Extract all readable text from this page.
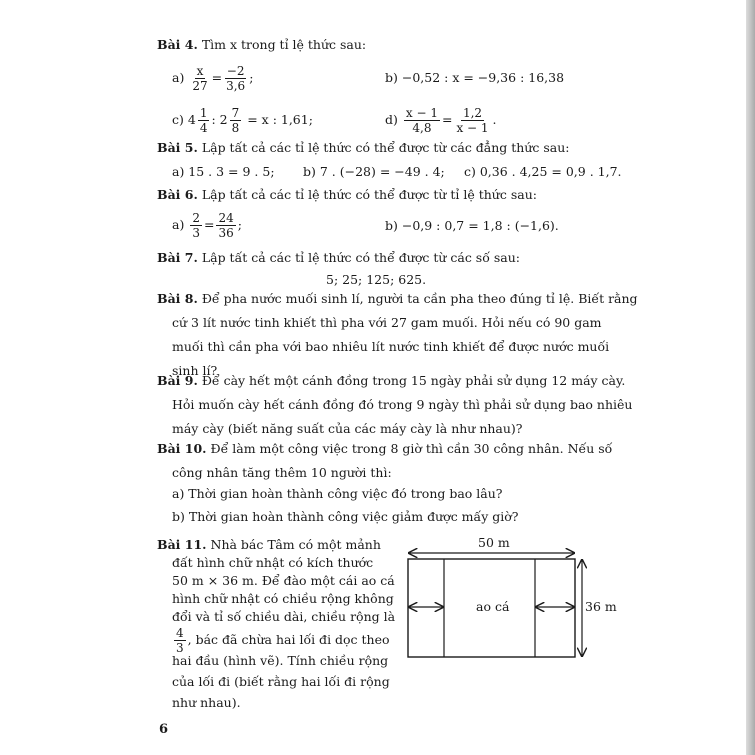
Bài 4. Tìm x trong tỉ lệ thức sau:
$a) \frac{x}{27} = \frac{-2}{3,6}$ ;	b) −0,52 : x = −9,36 : 16,38
c) $4 \frac{1}{4}$ : $2 \frac{7}{8} = x$ : 1,61;	$d) \frac{x - 1}{4,8} = \frac{1,2}{x - 1}$ .
Bài 5. Lập tất cả các tỉ lệ thức có thể được từ các đẳng thức sau:
a) 15 . 3 = 9 . 5; b) 7 . (−28) = −49 . 4; c) 0,36 . 4,25 = 0,9 . 1,7.
Bài 6. Lập tất cả các tỉ lệ thức có thể được từ tỉ lệ thức sau:
$a) \frac{2}{3} = \frac{24}{36}$ ;	b) −0,9 : 0,7 = 1,8 : (−1,6).
Bài 7. Lập tất cả các tỉ lệ thức có thể được từ các số sau:
5; 25; 125; 625.
Bài 8. Để pha nước muối sinh lí, người ta cần pha theo đúng tỉ lệ. Biết rằng
cứ 3 lít nước tinh khiết thì pha với 27 gam muối. Hỏi nếu có 90 gam
muối thì cần pha với bao nhiêu lít nước tinh khiết để được nước muối
sinh lí?
Bài 9. Để cày hết một cánh đồng trong 15 ngày phải sử dụng 12 máy cày.
Hỏi muốn cày hết cánh đồng đó trong 9 ngày thì phải sử dụng bao nhiêu
máy cày (biết năng suất của các máy cày là như nhau)?
Bài 10. Để làm một công việc trong 8 giờ thì cần 30 công nhân. Nếu số
công nhân tăng thêm 10 người thì:
a) Thời gian hoàn thành công việc đó trong bao lâu?
b) Thời gian hoàn thành công việc giảm được mấy giờ?
Bài 11. Nhà bác Tâm có một mảnh
đất hình chữ nhật có kích thước
50 m × 36 m. Để đào một cái ao cá
hình chữ nhật có chiều rộng không
đổi và tỉ số chiều dài, chiều rộng là
$\frac{4}{3}$ , bác đã chừa hai lối đi dọc theo
hai đầu (hình vẽ). Tính chiều rộng
của lối đi (biết rằng hai lối đi rộng
như nhau).
50 m
ao cá	36 m
6
